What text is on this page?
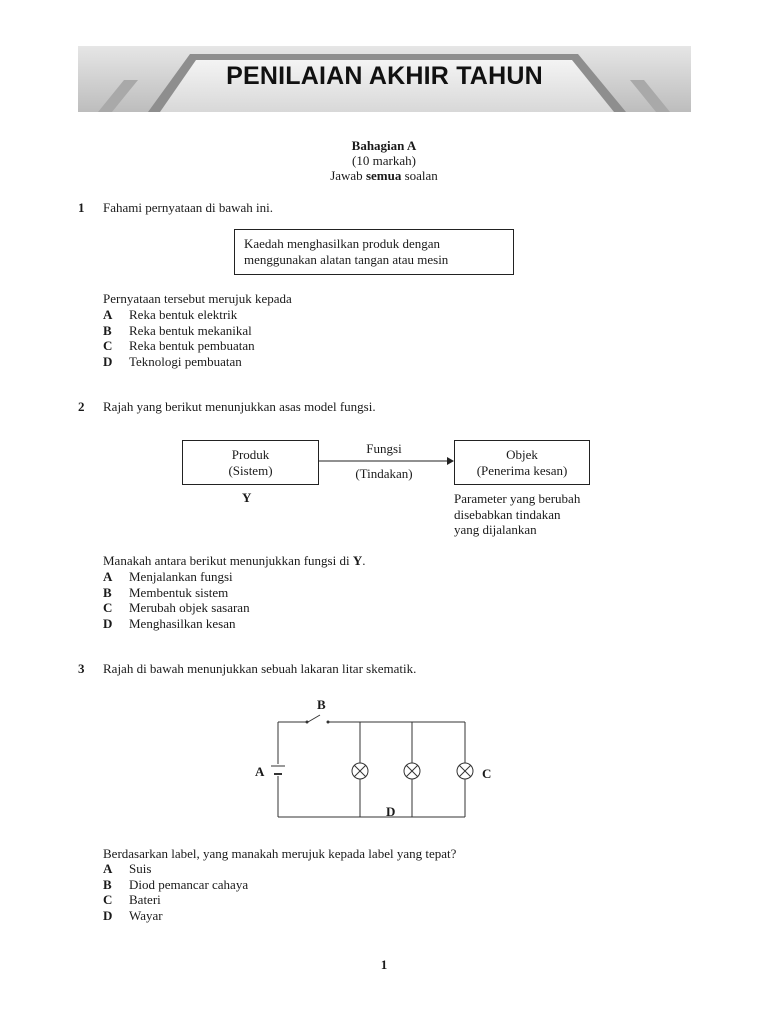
PENILAIAN AKHIR TAHUN
Bahagian A
(10 markah)
Jawab semua soalan
1 Fahami pernyataan di bawah ini.
Kaedah menghasilkan produk dengan
menggunakan alatan tangan atau mesin
Pernyataan tersebut merujuk kepada
A Reka bentuk elektrik
B Reka bentuk mekanikal
C Reka bentuk pembuatan
D Teknologi pembuatan
2 Rajah yang berikut menunjukkan asas model fungsi.
Produk
(Sistem)
Fungsi
(Tindakan)
Objek
(Penerima kesan)
Y	Parameter yang berubah
disebabkan tindakan
yang dijalankan
Manakah antara berikut menunjukkan fungsi di Y.
A Menjalankan fungsi
B Membentuk sistem
C Merubah objek sasaran
D Menghasilkan kesan
3 Rajah di bawah menunjukkan sebuah lakaran litar skematik.
B
A	C
D
Berdasarkan label, yang manakah merujuk kepada label yang tepat?
A Suis
B Diod pemancar cahaya
C Bateri
D Wayar
1
